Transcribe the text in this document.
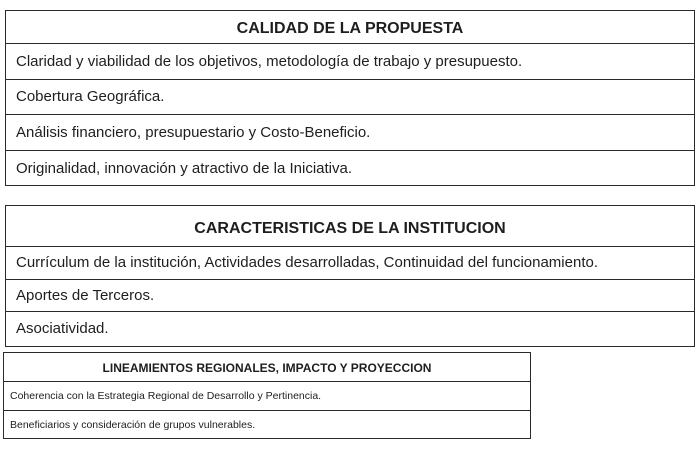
CALIDAD DE LA PROPUESTA
Claridad y viabilidad de los objetivos, metodología de trabajo y presupuesto.
Cobertura Geográfica.
Análisis financiero, presupuestario y Costo-Beneficio.
Originalidad, innovación y atractivo de la Iniciativa.
CARACTERISTICAS DE LA INSTITUCION
Currículum de la institución, Actividades desarrolladas, Continuidad del funcionamiento.
Aportes de Terceros.
Asociatividad.
LINEAMIENTOS REGIONALES, IMPACTO Y PROYECCION
Coherencia con la Estrategia Regional de Desarrollo y Pertinencia.
Beneficiarios y consideración de grupos vulnerables.
